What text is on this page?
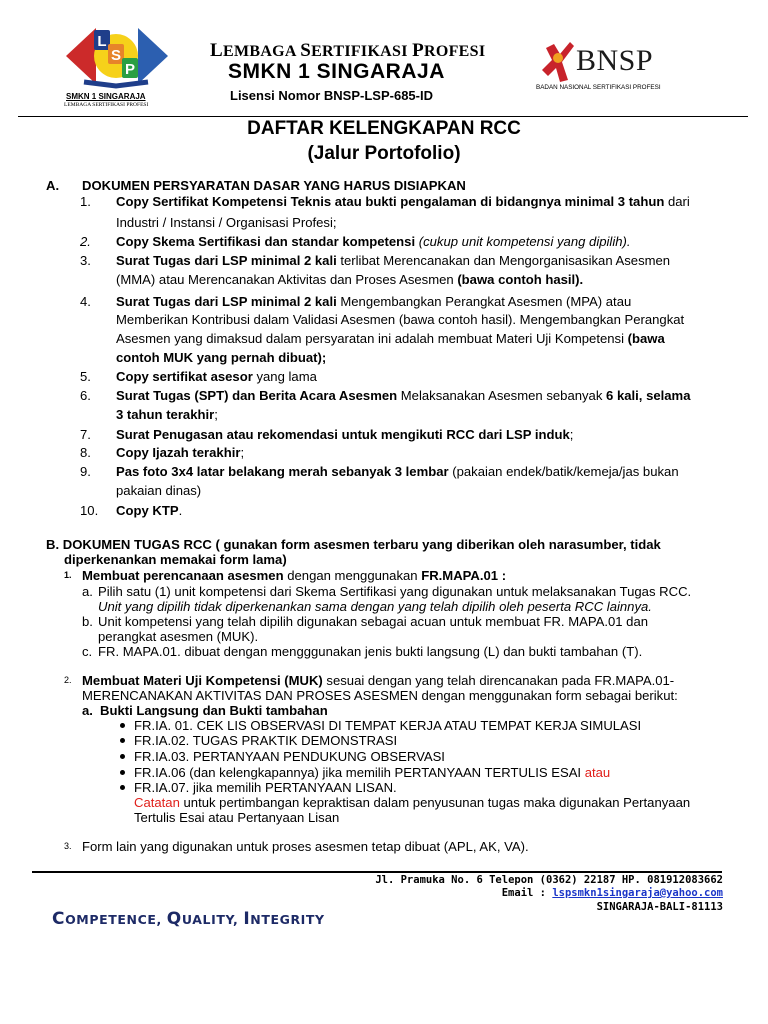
L
S
P
SMKN 1 SINGARAJA
LEMBAGA SERTIFIKASI PROFESI
LEMBAGA SERTIFIKASI PROFESI
SMKN 1 SINGARAJA
Lisensi Nomor BNSP-LSP-685-ID
BNSP
BADAN NASIONAL SERTIFIKASI PROFESI
DAFTAR KELENGKAPAN RCC
(Jalur Portofolio)
A. DOKUMEN PERSYARATAN DASAR YANG HARUS DISIAPKAN
1. Copy Sertifikat Kompetensi Teknis atau bukti pengalaman di bidangnya minimal 3 tahun dari
Industri / Instansi / Organisasi Profesi;
2. Copy Skema Sertifikasi dan standar kompetensi (cukup unit kompetensi yang dipilih).
3. Surat Tugas dari LSP minimal 2 kali terlibat Merencanakan dan Mengorganisasikan Asesmen
(MMA) atau Merencanakan Aktivitas dan Proses Asesmen (bawa contoh hasil).
4. Surat Tugas dari LSP minimal 2 kali Mengembangkan Perangkat Asesmen (MPA) atau
Memberikan Kontribusi dalam Validasi Asesmen (bawa contoh hasil). Mengembangkan Perangkat
Asesmen yang dimaksud dalam persyaratan ini adalah membuat Materi Uji Kompetensi (bawa
contoh MUK yang pernah dibuat);
5. Copy sertifikat asesor yang lama
6. Surat Tugas (SPT) dan Berita Acara Asesmen Melaksanakan Asesmen sebanyak 6 kali, selama
3 tahun terakhir;
7. Surat Penugasan atau rekomendasi untuk mengikuti RCC dari LSP induk;
8. Copy Ijazah terakhir;
9. Pas foto 3x4 latar belakang merah sebanyak 3 lembar (pakaian endek/batik/kemeja/jas bukan
pakaian dinas)
10. Copy KTP.
B. DOKUMEN TUGAS RCC ( gunakan form asesmen terbaru yang diberikan oleh narasumber, tidak
diperkenankan memakai form lama)
1. Membuat perencanaan asesmen dengan menggunakan FR.MAPA.01 :
a. Pilih satu (1) unit kompetensi dari Skema Sertifikasi yang digunakan untuk melaksanakan Tugas RCC.
Unit yang dipilih tidak diperkenankan sama dengan yang telah dipilih oleh peserta RCC lainnya.
b. Unit kompetensi yang telah dipilih digunakan sebagai acuan untuk membuat FR. MAPA.01 dan
perangkat asesmen (MUK).
c. FR. MAPA.01. dibuat dengan mengggunakan jenis bukti langsung (L) dan bukti tambahan (T).
2. Membuat Materi Uji Kompetensi (MUK) sesuai dengan yang telah direncanakan pada FR.MAPA.01-
MERENCANAKAN AKTIVITAS DAN PROSES ASESMEN dengan menggunakan form sebagai berikut:
a. Bukti Langsung dan Bukti tambahan
FR.IA. 01. CEK LIS OBSERVASI DI TEMPAT KERJA ATAU TEMPAT KERJA SIMULASI
FR.IA.02. TUGAS PRAKTIK DEMONSTRASI
FR.IA.03. PERTANYAAN PENDUKUNG OBSERVASI
FR.IA.06 (dan kelengkapannya) jika memilih PERTANYAAN TERTULIS ESAI atau
FR.IA.07. jika memilih PERTANYAAN LISAN.
Catatan untuk pertimbangan kepraktisan dalam penyusunan tugas maka digunakan Pertanyaan
Tertulis Esai atau Pertanyaan Lisan
3. Form lain yang digunakan untuk proses asesmen tetap dibuat (APL, AK, VA).
Jl. Pramuka No. 6 Telepon (0362) 22187 HP. 081912083662
Email : lspsmkn1singaraja@yahoo.com
SINGARAJA-BALI-81113
COMPETENCE, QUALITY, INTEGRITY
